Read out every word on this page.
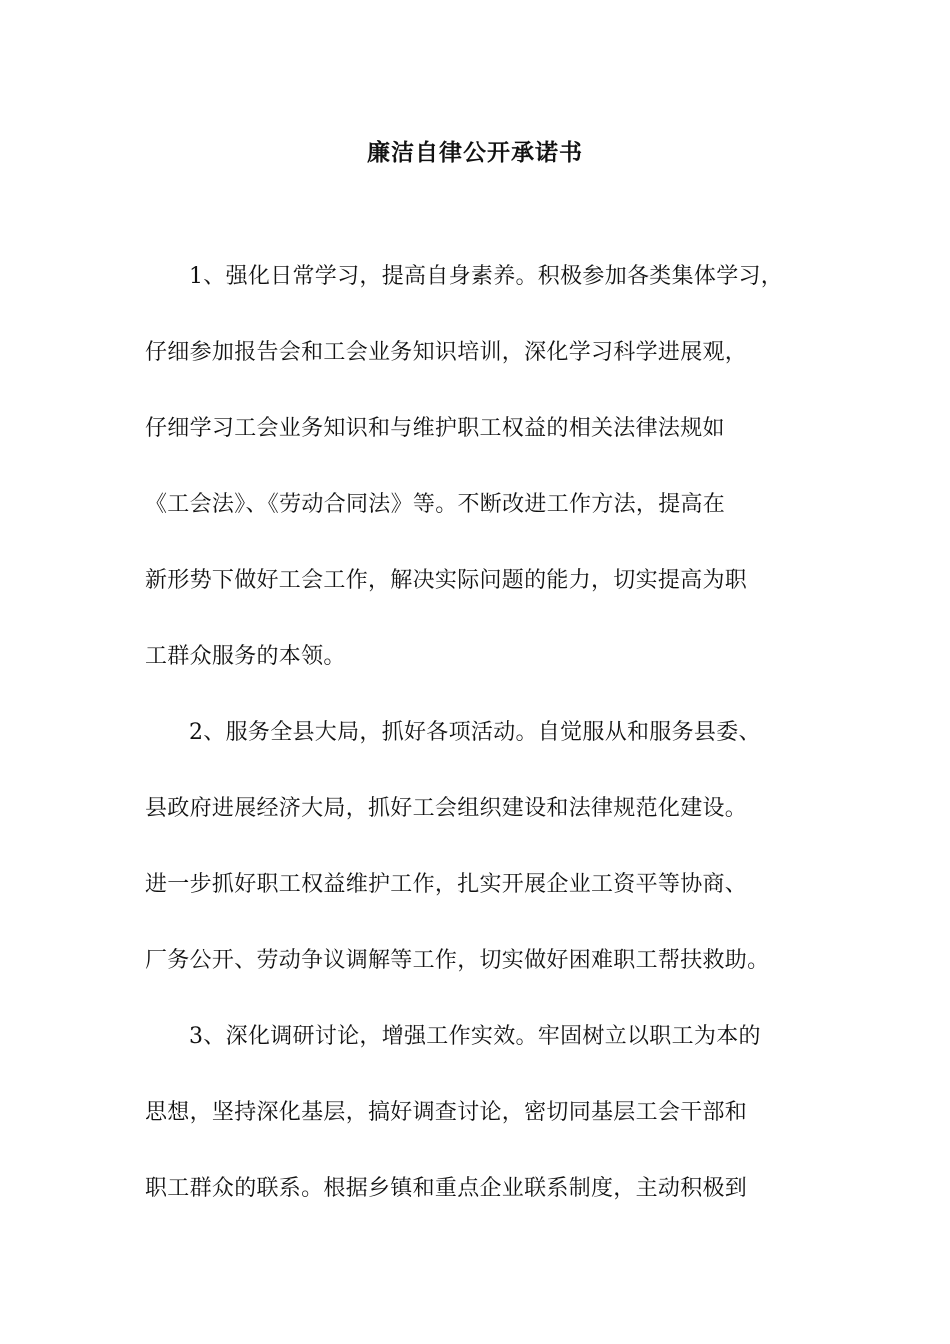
廉洁自律公开承诺书
1、强化日常学习，提高自身素养。积极参加各类集体学习，
仔细参加报告会和工会业务知识培训，深化学习科学进展观，
仔细学习工会业务知识和与维护职工权益的相关法律法规如
《工会法》、《劳动合同法》等。不断改进工作方法，提高在
新形势下做好工会工作，解决实际问题的能力，切实提高为职
工群众服务的本领。
2、服务全县大局，抓好各项活动。自觉服从和服务县委、
县政府进展经济大局，抓好工会组织建设和法律规范化建设。
进一步抓好职工权益维护工作，扎实开展企业工资平等协商、
厂务公开、劳动争议调解等工作，切实做好困难职工帮扶救助。
3、深化调研讨论，增强工作实效。牢固树立以职工为本的
思想，坚持深化基层，搞好调查讨论，密切同基层工会干部和
职工群众的联系。根据乡镇和重点企业联系制度，主动积极到
